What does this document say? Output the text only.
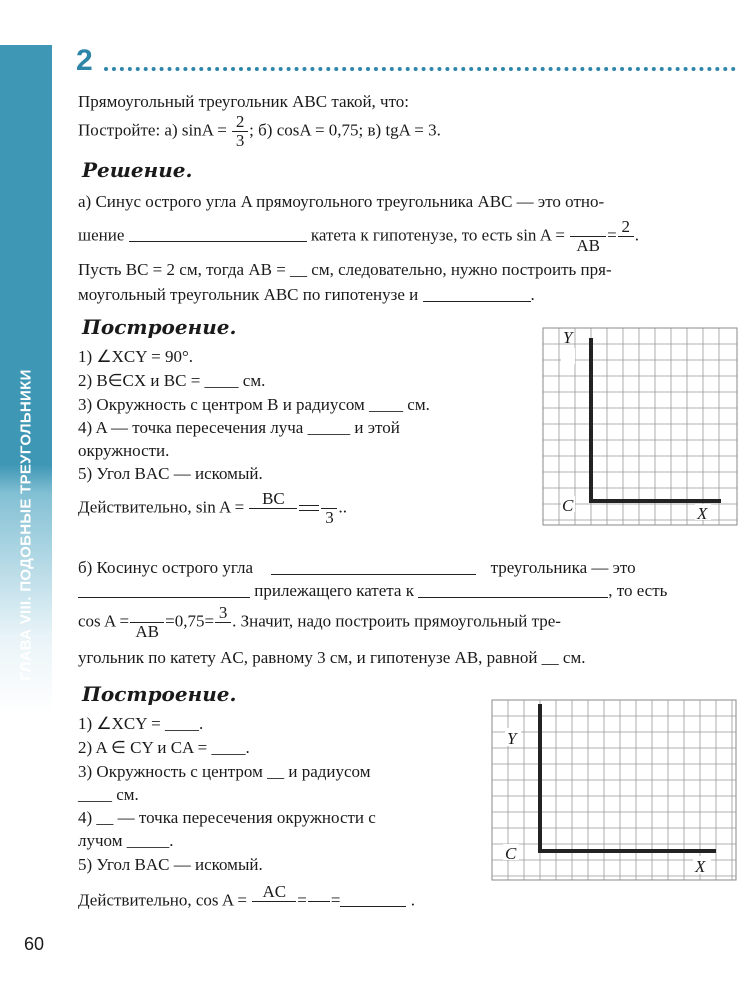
ГЛАВА VIII. ПОДОБНЫЕ ТРЕУГОЛЬНИКИ
2
Прямоугольный треугольник ABC такой, что:
Постройте: а) $\sin A = \frac{2}{3}$ ; б) cosA = 0,75; в) tgA = 3.
Решение.
а) Синус острого угла A прямоугольного треугольника ABC — это отно-
шение	катета к гипотенузе, то есть sin A =

AB
= 2
.
Пусть BC = 2 см, тогда AB = __ см, следовательно, нужно построить пря-
моугольный треугольник ABC по гипотенузе и	.
Построение.
1) ∠XCY = 90°.
2) B∈CX и BC = ____ см.
3) Окружность с центром B и радиусом ____ см.
4) A — точка пересечения луча _____ и этой
окружности.
5) Угол BAC — искомый.
Действительно, sin A =	BC

3
..
Y
C	X
б) Косинус острого угла	треугольника — это
прилежащего катета к	, то есть
cos A =

AB
=0,75= 3
. Значит, надо построить прямоугольный тре-
угольник по катету AC, равному 3 см, и гипотенузе AB, равной __ см.
Построение.
1) ∠XCY = ____.
2) A ∈ CY и CA = ____.
3) Окружность с центром __ и радиусом
____ см.
4) __ — точка пересечения окружности с
лучом _____.
5) Угол BAC — искомый.
Действительно, cos A = AC
=

=	.
Y
C
X
60
